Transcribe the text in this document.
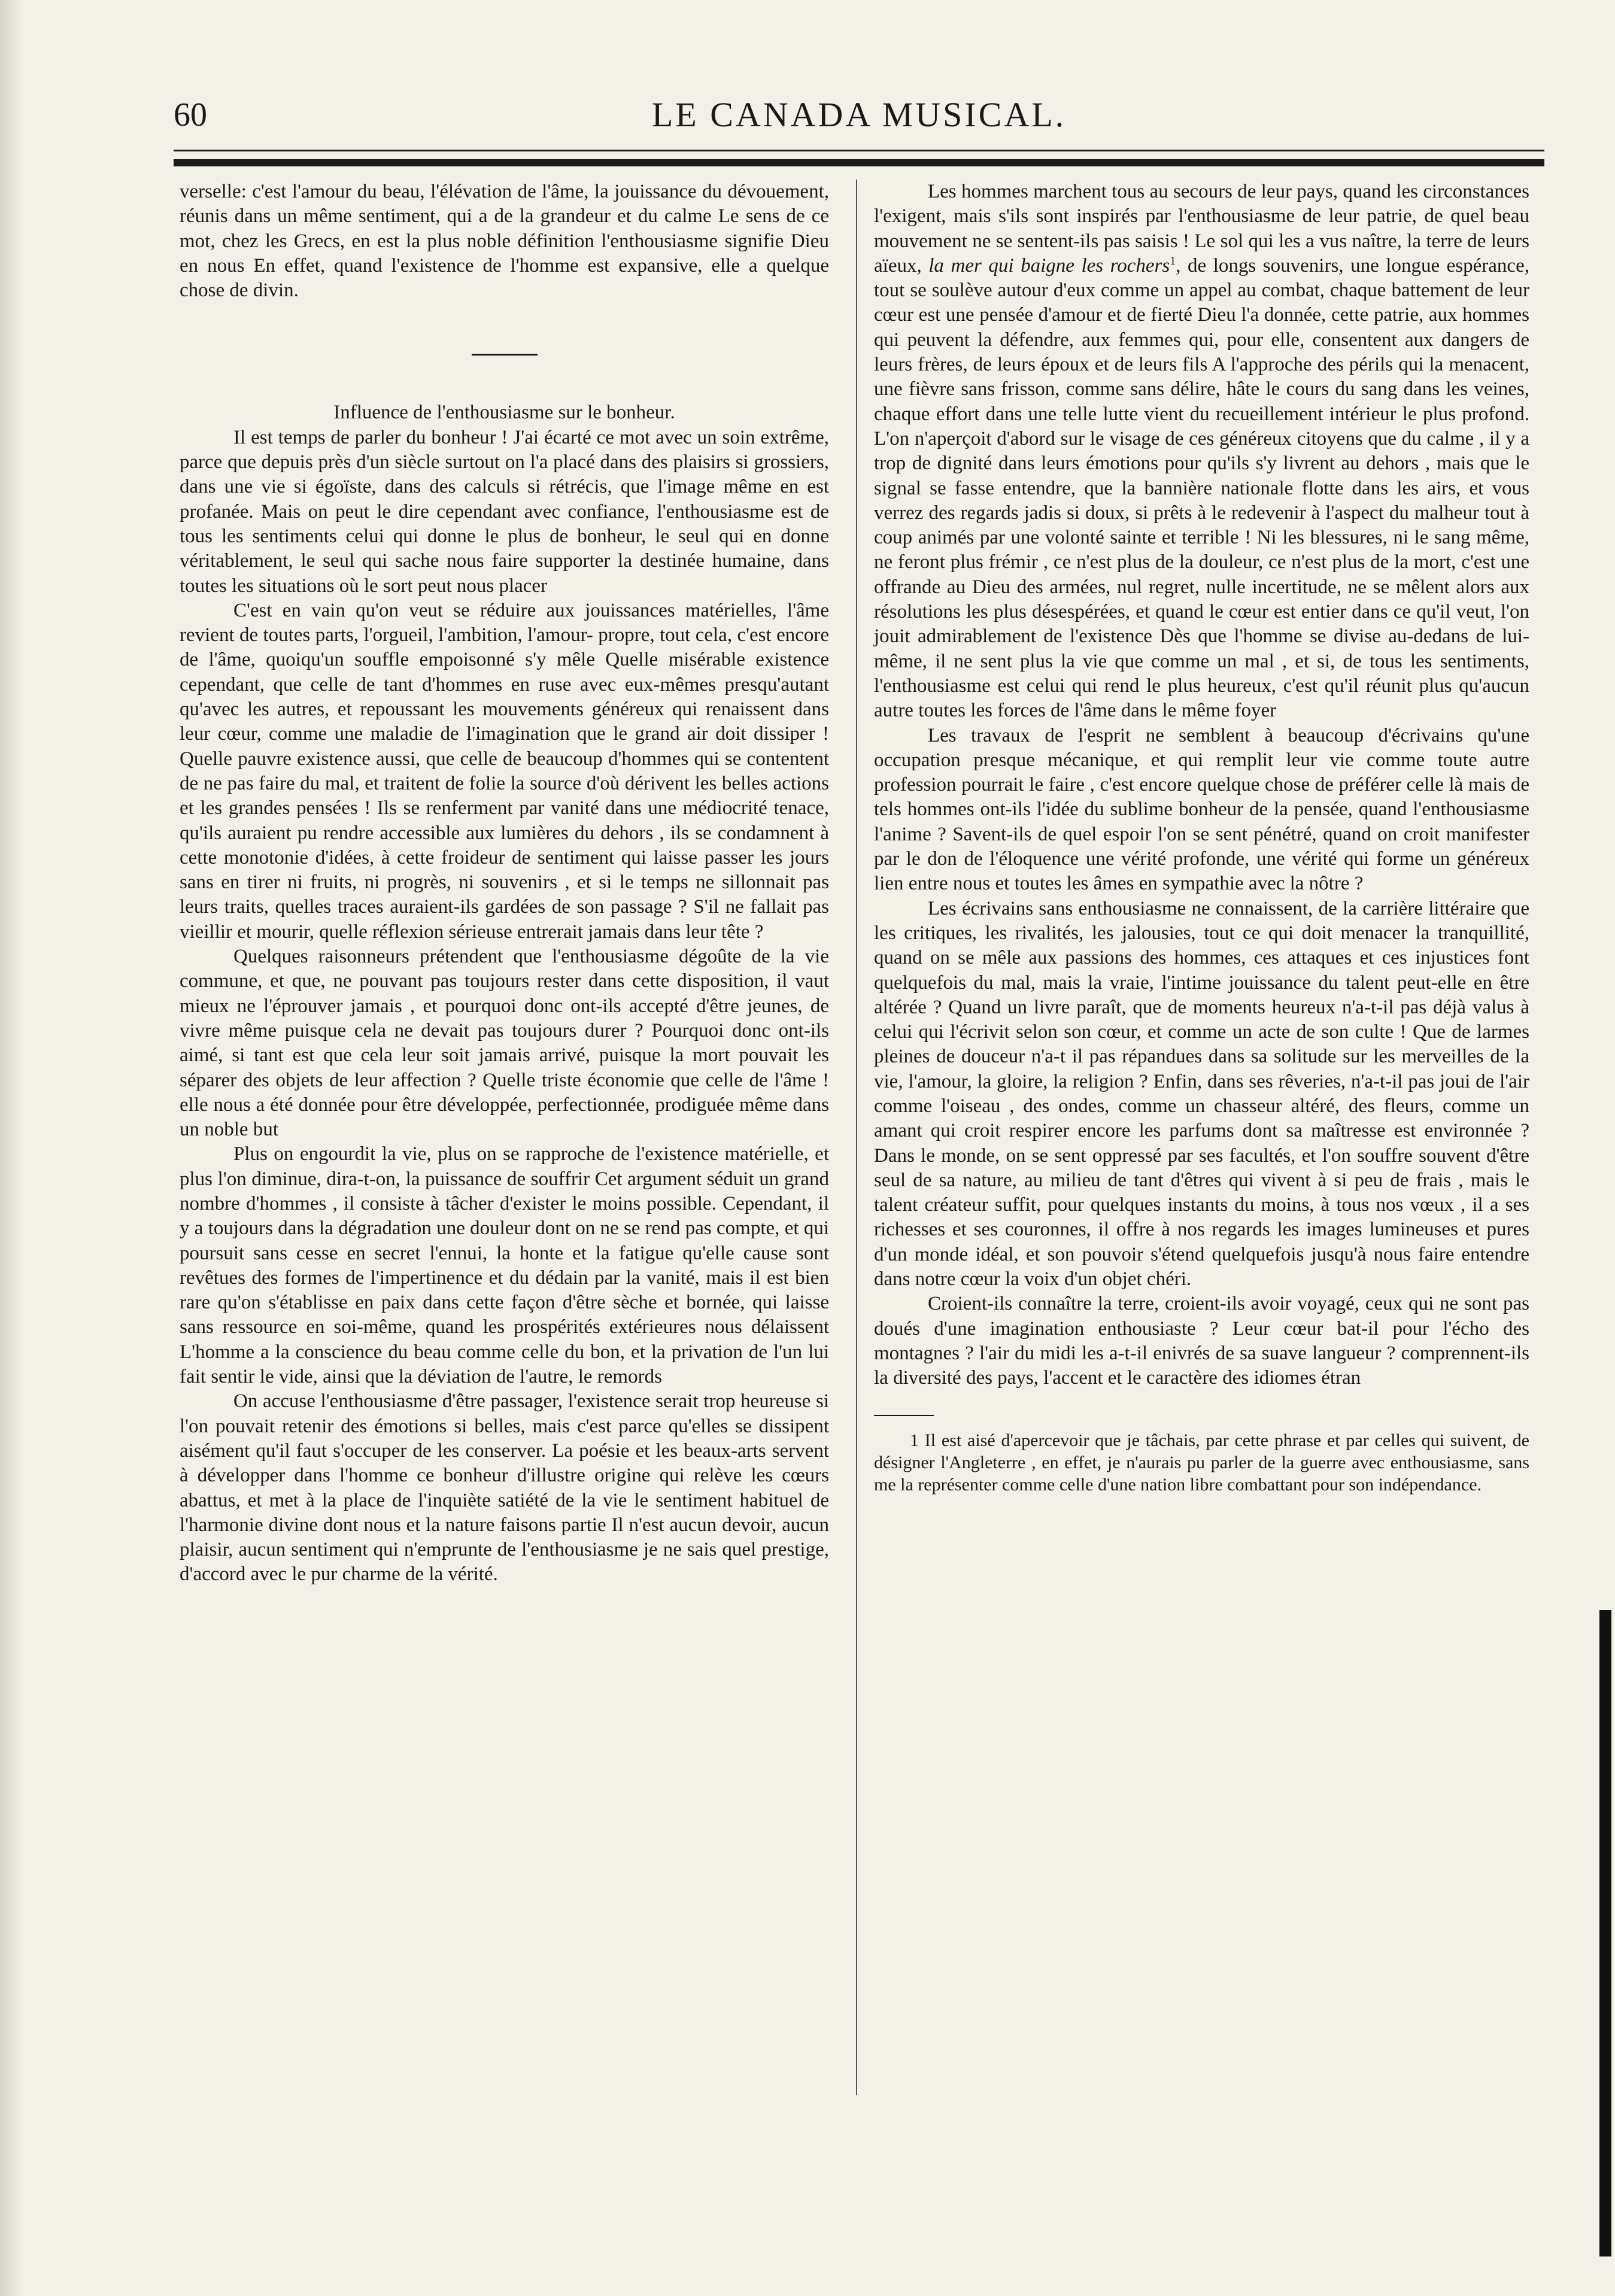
60	LE CANADA MUSICAL.

verselle: c'est l'amour du beau, l'élévation de l'âme, la jouissance du dévouement, réunis dans un même sentiment, qui a de la grandeur et du calme Le sens de ce mot, chez les Grecs, en est la plus noble définition l'enthousiasme signifie Dieu en nous En effet, quand l'existence de l'homme est expansive, elle a quelque chose de divin.

Influence de l'enthousiasme sur le bonheur.

Il est temps de parler du bonheur ! J'ai écarté ce mot avec un soin extrême, parce que depuis près d'un siècle surtout on l'a placé dans des plaisirs si grossiers, dans une vie si égoïste, dans des calculs si rétrécis, que l'image même en est profanée. Mais on peut le dire cependant avec confiance, l'enthousiasme est de tous les sentiments celui qui donne le plus de bonheur, le seul qui en donne véritablement, le seul qui sache nous faire supporter la destinée humaine, dans toutes les situations où le sort peut nous placer

C'est en vain qu'on veut se réduire aux jouissances matérielles, l'âme revient de toutes parts, l'orgueil, l'ambition, l'amour- propre, tout cela, c'est encore de l'âme, quoiqu'un souffle empoisonné s'y mêle Quelle misérable existence cependant, que celle de tant d'hommes en ruse avec eux-mêmes presqu'autant qu'avec les autres, et repoussant les mouvements généreux qui renaissent dans leur cœur, comme une maladie de l'imagination que le grand air doit dissiper ! Quelle pauvre existence aussi, que celle de beaucoup d'hommes qui se contentent de ne pas faire du mal, et traitent de folie la source d'où dérivent les belles actions et les grandes pensées ! Ils se renferment par vanité dans une médiocrité tenace, qu'ils auraient pu rendre accessible aux lumières du dehors , ils se condamnent à cette monotonie d'idées, à cette froideur de sentiment qui laisse passer les jours sans en tirer ni fruits, ni progrès, ni souvenirs , et si le temps ne sillonnait pas leurs traits, quelles traces auraient-ils gardées de son passage ? S'il ne fallait pas vieillir et mourir, quelle réflexion sérieuse entrerait jamais dans leur tête ?

Quelques raisonneurs prétendent que l'enthousiasme dégoûte de la vie commune, et que, ne pouvant pas toujours rester dans cette disposition, il vaut mieux ne l'éprouver jamais , et pourquoi donc ont-ils accepté d'être jeunes, de vivre même puisque cela ne devait pas toujours durer ? Pourquoi donc ont-ils aimé, si tant est que cela leur soit jamais arrivé, puisque la mort pouvait les séparer des objets de leur affection ? Quelle triste économie que celle de l'âme ! elle nous a été donnée pour être développée, perfectionnée, prodiguée même dans un noble but

Plus on engourdit la vie, plus on se rapproche de l'existence matérielle, et plus l'on diminue, dira-t-on, la puissance de souffrir Cet argument séduit un grand nombre d'hommes , il consiste à tâcher d'exister le moins possible. Cependant, il y a toujours dans la dégradation une douleur dont on ne se rend pas compte, et qui poursuit sans cesse en secret l'ennui, la honte et la fatigue qu'elle cause sont revêtues des formes de l'impertinence et du dédain par la vanité, mais il est bien rare qu'on s'établisse en paix dans cette façon d'être sèche et bornée, qui laisse sans ressource en soi-même, quand les prospérités extérieures nous délaissent L'homme a la conscience du beau comme celle du bon, et la privation de l'un lui fait sentir le vide, ainsi que la déviation de l'autre, le remords

On accuse l'enthousiasme d'être passager, l'existence serait trop heureuse si l'on pouvait retenir des émotions si belles, mais c'est parce qu'elles se dissipent aisément qu'il faut s'occuper de les conserver. La poésie et les beaux-arts servent à développer dans l'homme ce bonheur d'illustre origine qui relève les cœurs abattus, et met à la place de l'inquiète satiété de la vie le sentiment habituel de l'harmonie divine dont nous et la nature faisons partie Il n'est aucun devoir, aucun plaisir, aucun sentiment qui n'emprunte de l'enthousiasme je ne sais quel prestige, d'accord avec le pur charme de la vérité.

Les hommes marchent tous au secours de leur pays, quand les circonstances l'exigent, mais s'ils sont inspirés par l'enthousiasme de leur patrie, de quel beau mouvement ne se sentent-ils pas saisis ! Le sol qui les a vus naître, la terre de leurs aïeux, la mer qui baigne les rochers$^1$, de longs souvenirs, une longue espérance, tout se soulève autour d'eux comme un appel au combat, chaque battement de leur cœur est une pensée d'amour et de fierté Dieu l'a donnée, cette patrie, aux hommes qui peuvent la défendre, aux femmes qui, pour elle, consentent aux dangers de leurs frères, de leurs époux et de leurs fils A l'approche des périls qui la menacent, une fièvre sans frisson, comme sans délire, hâte le cours du sang dans les veines, chaque effort dans une telle lutte vient du recueillement intérieur le plus profond. L'on n'aperçoit d'abord sur le visage de ces généreux citoyens que du calme , il y a trop de dignité dans leurs émotions pour qu'ils s'y livrent au dehors , mais que le signal se fasse entendre, que la bannière nationale flotte dans les airs, et vous verrez des regards jadis si doux, si prêts à le redevenir à l'aspect du malheur tout à coup animés par une volonté sainte et terrible ! Ni les blessures, ni le sang même, ne feront plus frémir , ce n'est plus de la douleur, ce n'est plus de la mort, c'est une offrande au Dieu des armées, nul regret, nulle incertitude, ne se mêlent alors aux résolutions les plus désespérées, et quand le cœur est entier dans ce qu'il veut, l'on jouit admirablement de l'existence Dès que l'homme se divise au-dedans de lui- même, il ne sent plus la vie que comme un mal , et si, de tous les sentiments, l'enthousiasme est celui qui rend le plus heureux, c'est qu'il réunit plus qu'aucun autre toutes les forces de l'âme dans le même foyer

Les travaux de l'esprit ne semblent à beaucoup d'écrivains qu'une occupation presque mécanique, et qui remplit leur vie comme toute autre profession pourrait le faire , c'est encore quelque chose de préférer celle là mais de tels hommes ont-ils l'idée du sublime bonheur de la pensée, quand l'enthousiasme l'anime ? Savent-ils de quel espoir l'on se sent pénétré, quand on croit manifester par le don de l'éloquence une vérité profonde, une vérité qui forme un généreux lien entre nous et toutes les âmes en sympathie avec la nôtre ?

Les écrivains sans enthousiasme ne connaissent, de la carrière littéraire que les critiques, les rivalités, les jalousies, tout ce qui doit menacer la tranquillité, quand on se mêle aux passions des hommes, ces attaques et ces injustices font quelquefois du mal, mais la vraie, l'intime jouissance du talent peut-elle en être altérée ? Quand un livre paraît, que de moments heureux n'a-t-il pas déjà valus à celui qui l'écrivit selon son cœur, et comme un acte de son culte ! Que de larmes pleines de douceur n'a-t il pas répandues dans sa solitude sur les merveilles de la vie, l'amour, la gloire, la religion ? Enfin, dans ses rêveries, n'a-t-il pas joui de l'air comme l'oiseau , des ondes, comme un chasseur altéré, des fleurs, comme un amant qui croit respirer encore les parfums dont sa maîtresse est environnée ? Dans le monde, on se sent oppressé par ses facultés, et l'on souffre souvent d'être seul de sa nature, au milieu de tant d'êtres qui vivent à si peu de frais , mais le talent créateur suffit, pour quelques instants du moins, à tous nos vœux , il a ses richesses et ses couronnes, il offre à nos regards les images lumineuses et pures d'un monde idéal, et son pouvoir s'étend quelquefois jusqu'à nous faire entendre dans notre cœur la voix d'un objet chéri.

Croient-ils connaître la terre, croient-ils avoir voyagé, ceux qui ne sont pas doués d'une imagination enthousiaste ? Leur cœur bat-il pour l'écho des montagnes ? l'air du midi les a-t-il enivrés de sa suave langueur ? comprennent-ils la diversité des pays, l'accent et le caractère des idiomes étran

1 Il est aisé d'apercevoir que je tâchais, par cette phrase et par celles qui suivent, de désigner l'Angleterre , en effet, je n'aurais pu parler de la guerre avec enthousiasme, sans me la représenter comme celle d'une nation libre combattant pour son indépendance.
